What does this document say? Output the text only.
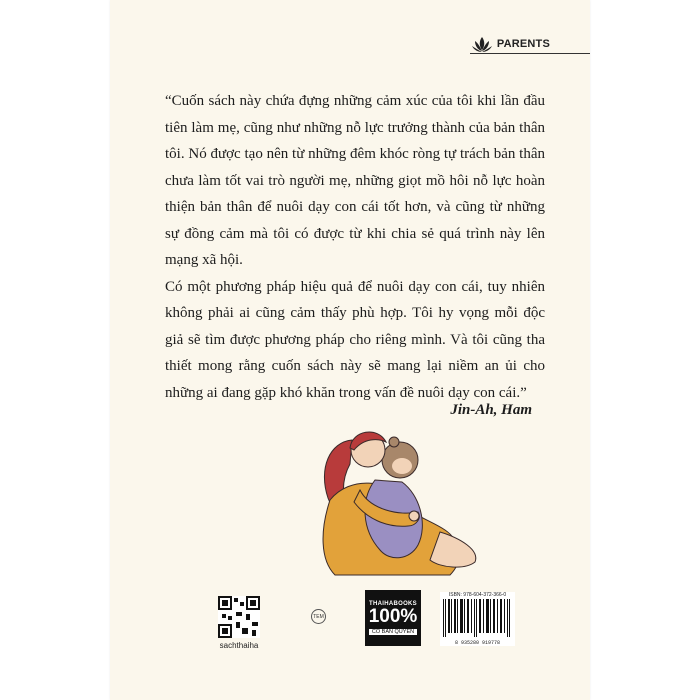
PARENTS

“Cuốn sách này chứa đựng những cảm xúc của tôi khi lần đầu tiên làm mẹ, cũng như những nỗ lực trưởng thành của bản thân tôi. Nó được tạo nên từ những đêm khóc ròng tự trách bản thân chưa làm tốt vai trò người mẹ, những giọt mồ hôi nỗ lực hoàn thiện bản thân để nuôi dạy con cái tốt hơn, và cũng từ những sự đồng cảm mà tôi có được từ khi chia sẻ quá trình này lên mạng xã hội.

Có một phương pháp hiệu quả để nuôi dạy con cái, tuy nhiên không phải ai cũng cảm thấy phù hợp. Tôi hy vọng mỗi độc giả sẽ tìm được phương pháp cho riêng mình. Và tôi cũng tha thiết mong rằng cuốn sách này sẽ mang lại niềm an ủi cho những ai đang gặp khó khăn trong vấn đề nuôi dạy con cái.”

Jin-Ah, Ham
sachthaiha
TEM
THAIHABOOKS
100%
CÓ BẢN QUYỀN
ISBN: 978-604-372-366-0
8 935280 919778
